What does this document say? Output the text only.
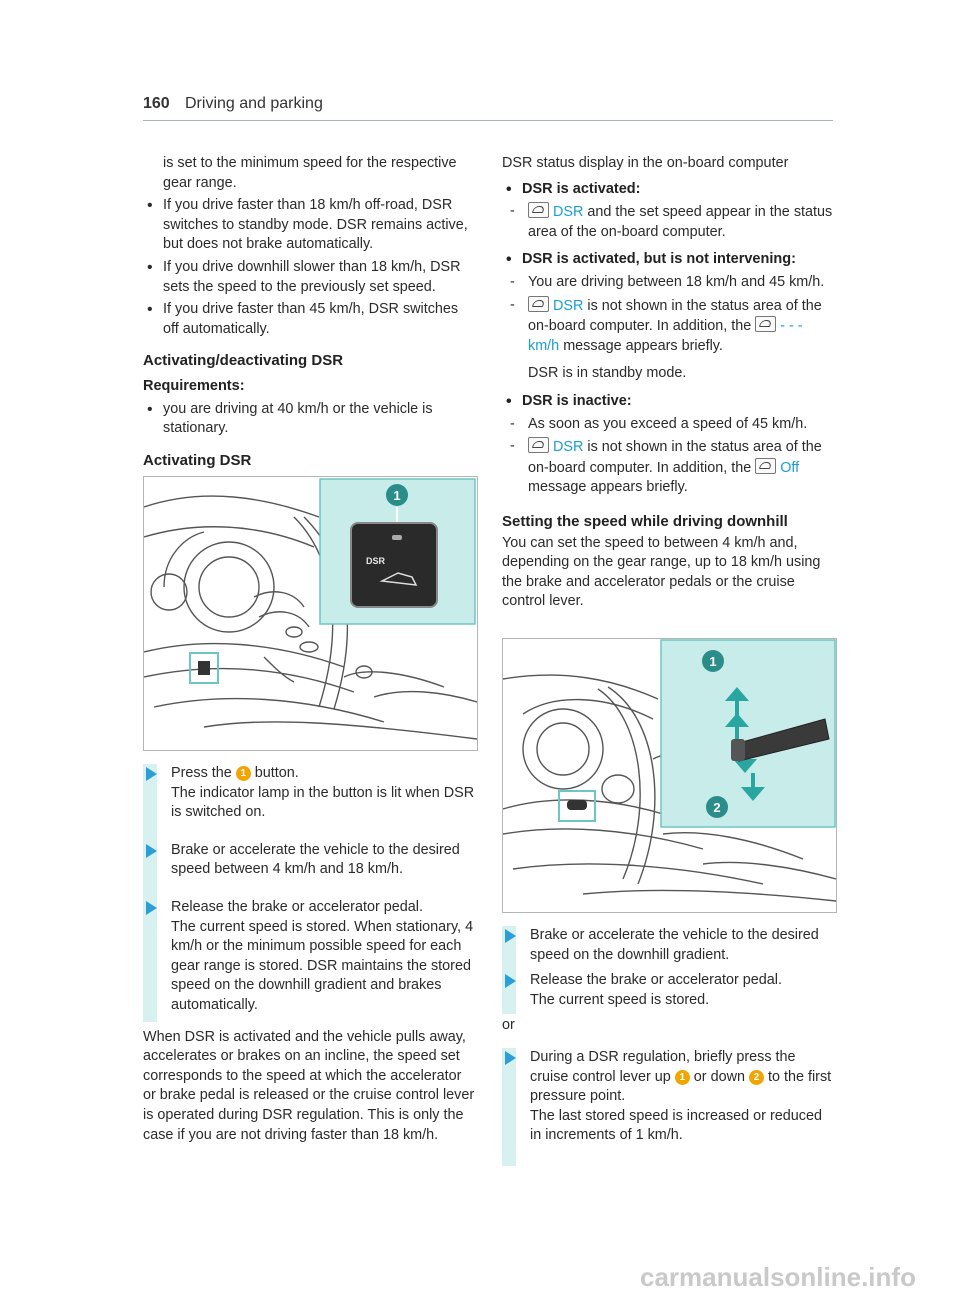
160 Driving and parking

is set to the minimum speed for the respective gear range.

• If you drive faster than 18 km/h off-road, DSR switches to standby mode. DSR remains active, but does not brake automatically.
• If you drive downhill slower than 18 km/h, DSR sets the speed to the previously set speed.
• If you drive faster than 45 km/h, DSR switches off automatically.
Activating/deactivating DSR
Requirements:
• you are driving at 40 km/h or the vehicle is stationary.
Activating DSR
1
DSR
Press the 1 button.
The indicator lamp in the button is lit when DSR is switched on.
Brake or accelerate the vehicle to the desired speed between 4 km/h and 18 km/h.
Release the brake or accelerator pedal.
The current speed is stored. When stationary, 4 km/h or the minimum possible speed for each gear range is stored. DSR maintains the stored speed on the downhill gradient and brakes automatically.

When DSR is activated and the vehicle pulls away, accelerates or brakes on an incline, the speed set corresponds to the speed at which the accelerator or brake pedal is released or the cruise control lever is operated during DSR regulation. This is only the case if you are not driving faster than 18 km/h.

DSR status display in the on-board computer

• DSR is activated:
-	DSR and the set speed appear in the status area of the on-board computer.
• DSR is activated, but is not intervening:
- You are driving between 18 km/h and 45 km/h.
-	DSR is not shown in the status area of the on-board computer. In addition, the - - - km/h message appears briefly.
DSR is in standby mode.
• DSR is inactive:
- As soon as you exceed a speed of 45 km/h.
-	DSR is not shown in the status area of the on-board computer. In addition, the Off message appears briefly.
Setting the speed while driving downhill

You can set the speed to between 4 km/h and, depending on the gear range, up to 18 km/h using the brake and accelerator pedals or the cruise control lever.

1
2
Brake or accelerate the vehicle to the desired speed on the downhill gradient.
Release the brake or accelerator pedal.
The current speed is stored.
or
During a DSR regulation, briefly press the cruise control lever up 1 or down 2 to the first pressure point.
The last stored speed is increased or reduced in increments of 1 km/h.
carmanualsonline.info
